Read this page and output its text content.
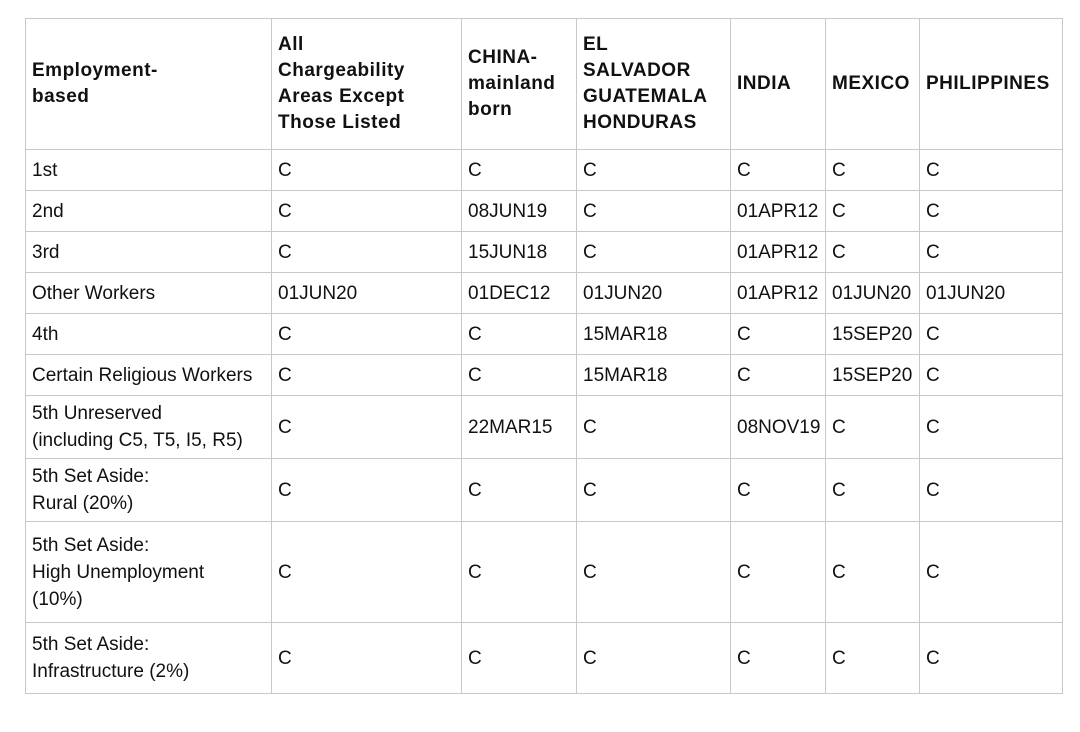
Employment-
based	All
Chargeability
Areas Except
Those Listed	CHINA-
mainland
born	EL
SALVADOR
GUATEMALA
HONDURAS	INDIA	MEXICO	PHILIPPINES
1st	C	C	C	C	C	C
2nd	C	08JUN19	C	01APR12	C	C
3rd	C	15JUN18	C	01APR12	C	C
Other Workers	01JUN20	01DEC12	01JUN20	01APR12	01JUN20	01JUN20
4th	C	C	15MAR18	C	15SEP20	C
Certain Religious Workers	C	C	15MAR18	C	15SEP20	C
5th Unreserved
(including C5, T5, I5, R5)	C	22MAR15	C	08NOV19	C	C
5th Set Aside:
Rural (20%)	C	C	C	C	C	C
5th Set Aside:
High Unemployment
(10%)	C	C	C	C	C	C
5th Set Aside:
Infrastructure (2%)	C	C	C	C	C	C
